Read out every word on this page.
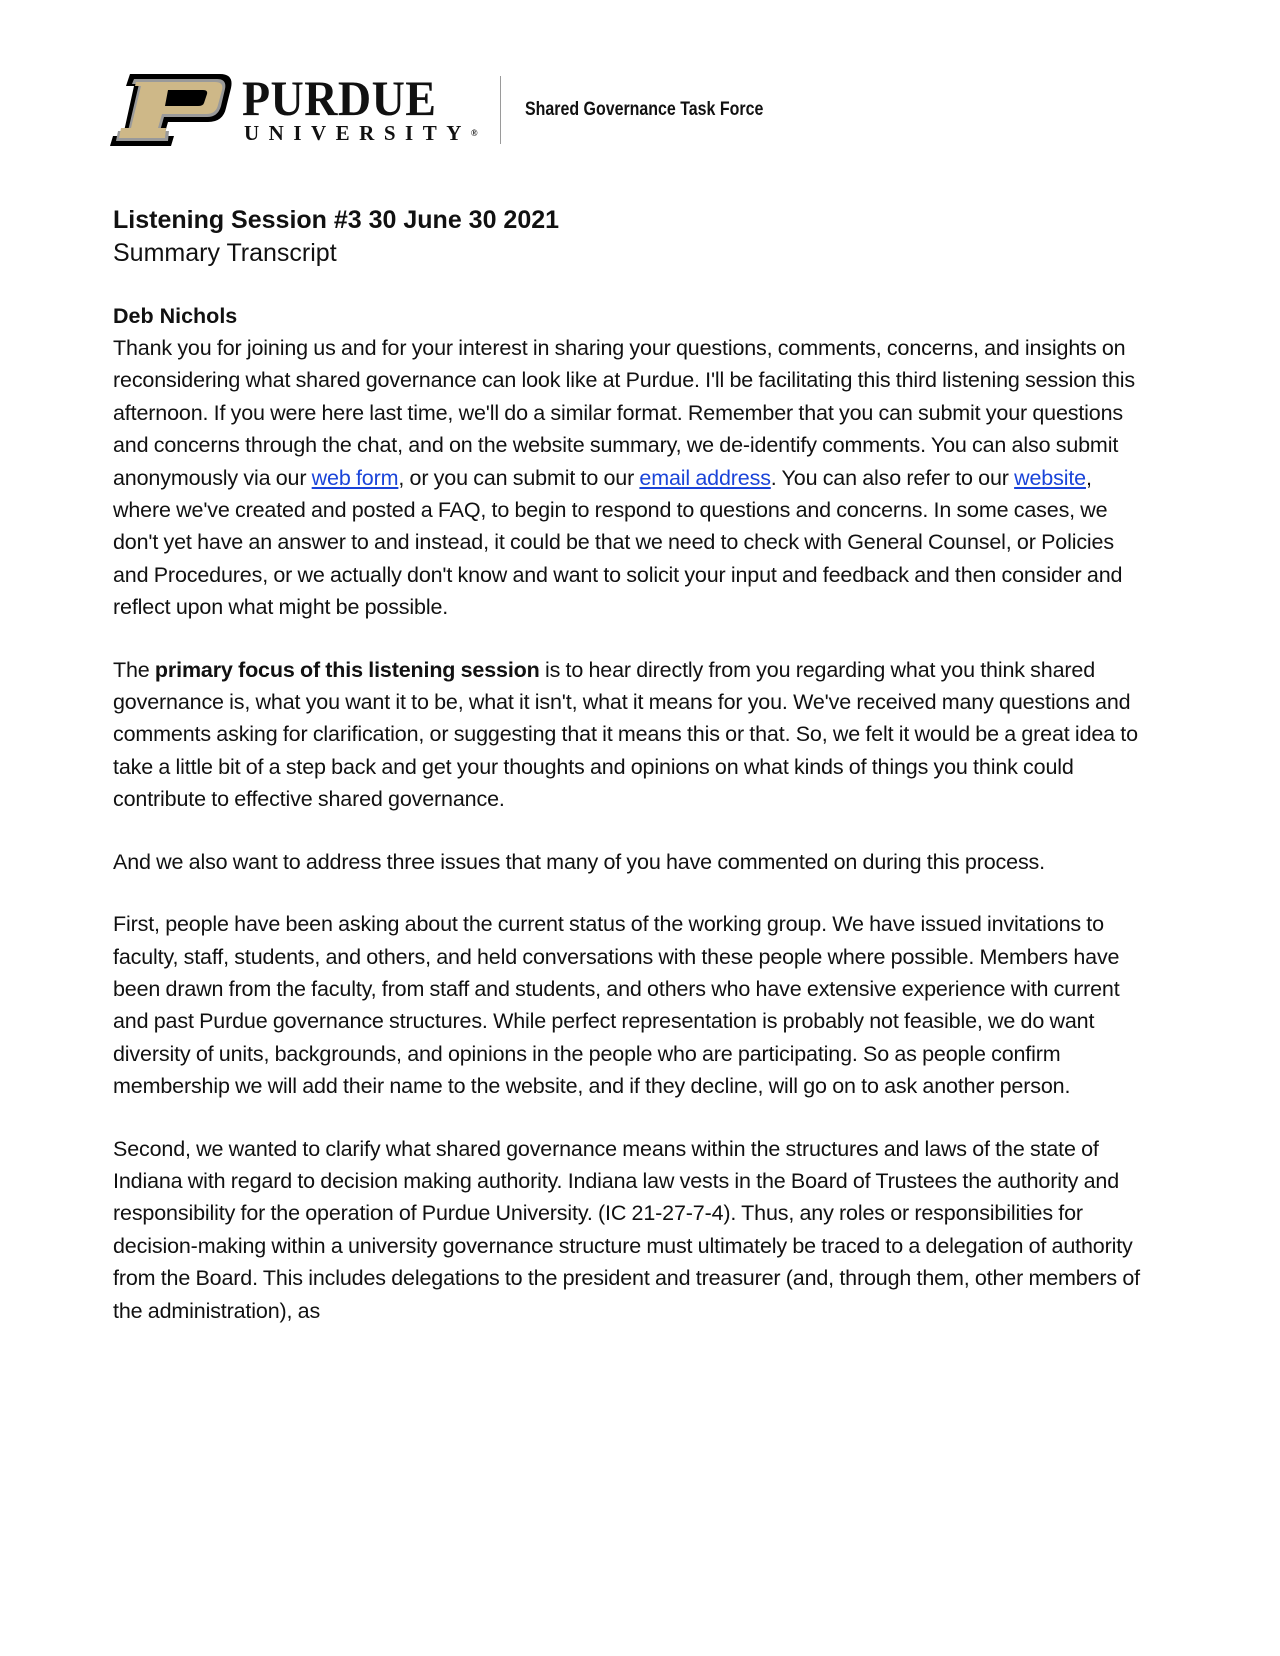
PURDUE
UNIVERSITY®
Shared Governance Task Force
Listening Session #3 30 June 30 2021
Summary Transcript
Deb Nichols

Thank you for joining us and for your interest in sharing your questions, comments, concerns, and insights on reconsidering what shared governance can look like at Purdue. I'll be facilitating this third listening session this afternoon. If you were here last time, we'll do a similar format. Remember that you can submit your questions and concerns through the chat, and on the website summary, we de-identify comments. You can also submit anonymously via our web form, or you can submit to our email address. You can also refer to our website, where we've created and posted a FAQ, to begin to respond to questions and concerns. In some cases, we don't yet have an answer to and instead, it could be that we need to check with General Counsel, or Policies and Procedures, or we actually don't know and want to solicit your input and feedback and then consider and reflect upon what might be possible.

The primary focus of this listening session is to hear directly from you regarding what you think shared governance is, what you want it to be, what it isn't, what it means for you. We've received many questions and comments asking for clarification, or suggesting that it means this or that. So, we felt it would be a great idea to take a little bit of a step back and get your thoughts and opinions on what kinds of things you think could contribute to effective shared governance.

And we also want to address three issues that many of you have commented on during this process.

First, people have been asking about the current status of the working group. We have issued invitations to faculty, staff, students, and others, and held conversations with these people where possible. Members have been drawn from the faculty, from staff and students, and others who have extensive experience with current and past Purdue governance structures. While perfect representation is probably not feasible, we do want diversity of units, backgrounds, and opinions in the people who are participating. So as people confirm membership we will add their name to the website, and if they decline, will go on to ask another person.

Second, we wanted to clarify what shared governance means within the structures and laws of the state of Indiana with regard to decision making authority. Indiana law vests in the Board of Trustees the authority and responsibility for the operation of Purdue University. (IC 21-27-7-4). Thus, any roles or responsibilities for decision-making within a university governance structure must ultimately be traced to a delegation of authority from the Board. This includes delegations to the president and treasurer (and, through them, other members of the administration), as
